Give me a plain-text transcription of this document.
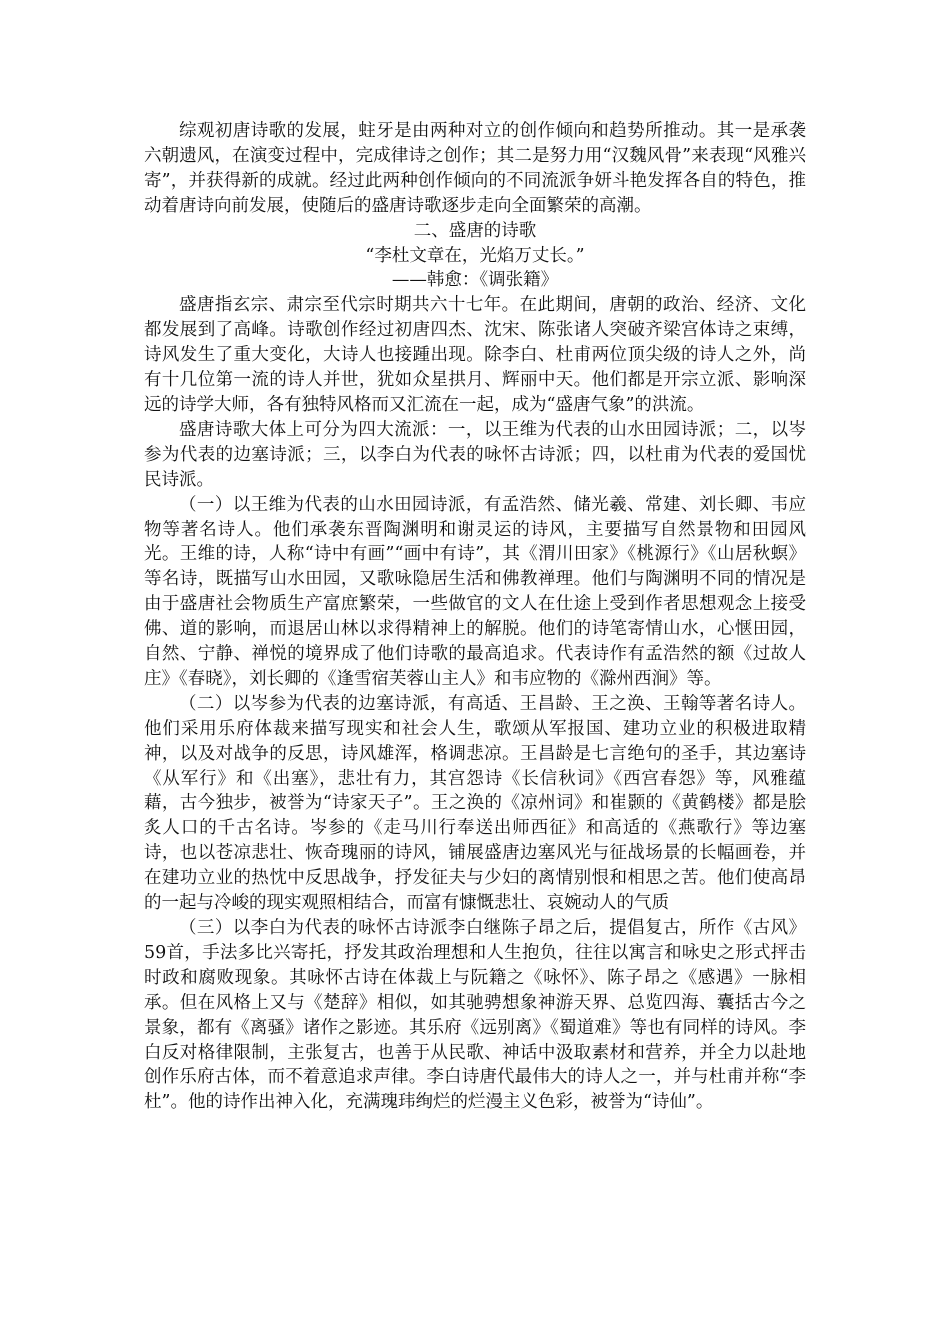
综观初唐诗歌的发展，蛀牙是由两种对立的创作倾向和趋势所推动。其一是承袭六朝遗风，在演变过程中，完成律诗之创作；其二是努力用“汉魏风骨”来表现“风雅兴寄”，并获得新的成就。经过此两种创作倾向的不同流派争妍斗艳发挥各自的特色，推动着唐诗向前发展，使随后的盛唐诗歌逐步走向全面繁荣的高潮。

二、盛唐的诗歌

“李杜文章在，光焰万丈长。”

——韩愈：《调张籍》

盛唐指玄宗、肃宗至代宗时期共六十七年。在此期间，唐朝的政治、经济、文化都发展到了高峰。诗歌创作经过初唐四杰、沈宋、陈张诸人突破齐梁宫体诗之束缚，诗风发生了重大变化，大诗人也接踵出现。除李白、杜甫两位顶尖级的诗人之外，尚有十几位第一流的诗人并世，犹如众星拱月、辉丽中天。他们都是开宗立派、影响深远的诗学大师，各有独特风格而又汇流在一起，成为“盛唐气象”的洪流。

盛唐诗歌大体上可分为四大流派：一，以王维为代表的山水田园诗派；二，以岑参为代表的边塞诗派；三，以李白为代表的咏怀古诗派；四，以杜甫为代表的爱国忧民诗派。

（一）以王维为代表的山水田园诗派，有孟浩然、储光羲、常建、刘长卿、韦应物等著名诗人。他们承袭东晋陶渊明和谢灵运的诗风，主要描写自然景物和田园风光。王维的诗，人称“诗中有画”“画中有诗”，其《渭川田家》《桃源行》《山居秋螟》等名诗，既描写山水田园，又歌咏隐居生活和佛教禅理。他们与陶渊明不同的情况是由于盛唐社会物质生产富庶繁荣，一些做官的文人在仕途上受到作者思想观念上接受佛、道的影响，而退居山林以求得精神上的解脱。他们的诗笔寄情山水，心惬田园，自然、宁静、禅悦的境界成了他们诗歌的最高追求。代表诗作有孟浩然的额《过故人庄》《春晓》，刘长卿的《逢雪宿芙蓉山主人》和韦应物的《滁州西涧》等。

（二）以岑参为代表的边塞诗派，有高适、王昌龄、王之涣、王翰等著名诗人。他们采用乐府体裁来描写现实和社会人生，歌颂从军报国、建功立业的积极进取精神，以及对战争的反思，诗风雄浑，格调悲凉。王昌龄是七言绝句的圣手，其边塞诗《从军行》和《出塞》，悲壮有力，其宫怨诗《长信秋词》《西宫春怨》等，风雅蕴藉，古今独步，被誉为“诗家天子”。王之涣的《凉州词》和崔颢的《黄鹤楼》都是脍炙人口的千古名诗。岑参的《走马川行奉送出师西征》和高适的《燕歌行》等边塞诗，也以苍凉悲壮、恢奇瑰丽的诗风，铺展盛唐边塞风光与征战场景的长幅画卷，并在建功立业的热忱中反思战争，抒发征夫与少妇的离情别恨和相思之苦。他们使高昂的一起与冷峻的现实观照相结合，而富有慷慨悲壮、哀婉动人的气质

（三）以李白为代表的咏怀古诗派李白继陈子昂之后，提倡复古，所作《古风》59首，手法多比兴寄托，抒发其政治理想和人生抱负，往往以寓言和咏史之形式抨击时政和腐败现象。其咏怀古诗在体裁上与阮籍之《咏怀》、陈子昂之《感遇》一脉相承。但在风格上又与《楚辞》相似，如其驰骋想象神游天界、总览四海、囊括古今之景象，都有《离骚》诸作之影迹。其乐府《远别离》《蜀道难》等也有同样的诗风。李白反对格律限制，主张复古，也善于从民歌、神话中汲取素材和营养，并全力以赴地创作乐府古体，而不着意追求声律。李白诗唐代最伟大的诗人之一，并与杜甫并称“李杜”。他的诗作出神入化，充满瑰玮绚烂的烂漫主义色彩，被誉为“诗仙”。
